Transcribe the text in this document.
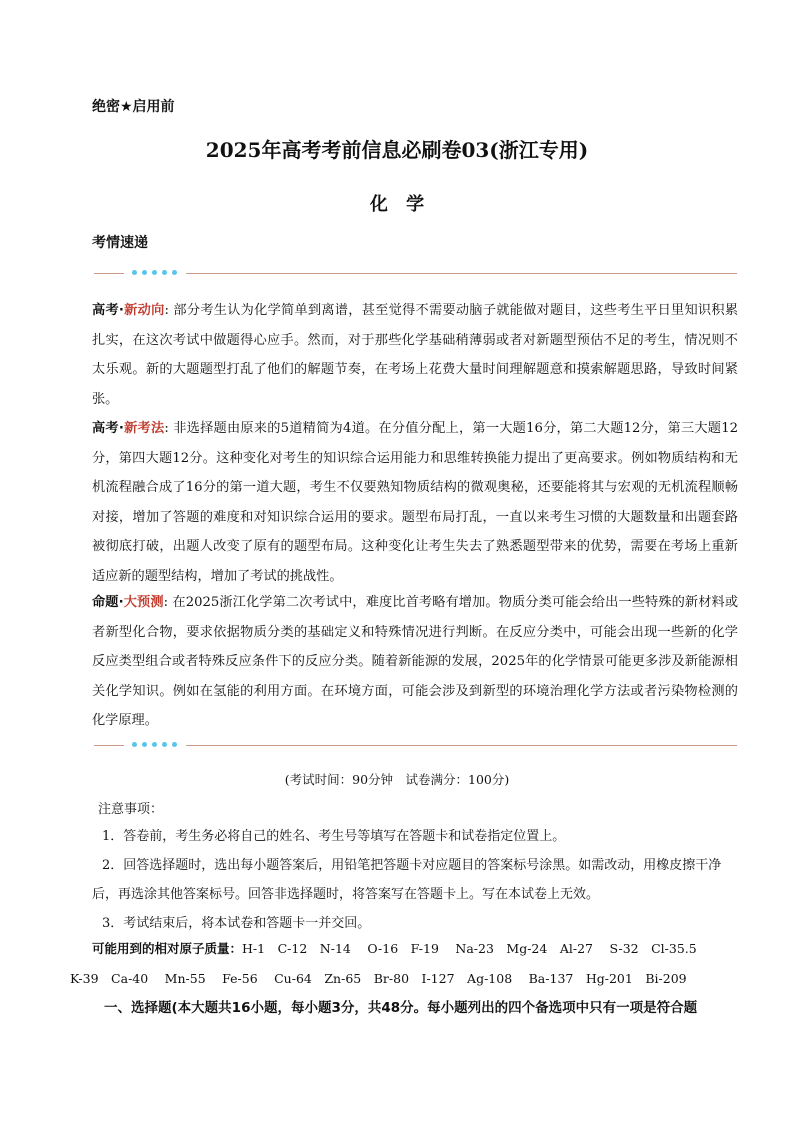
绝密★启用前
2025年高考考前信息必刷卷03(浙江专用)
化 学
考情速递
高考·新动向: 部分考生认为化学简单到离谱，甚至觉得不需要动脑子就能做对题目，这些考生平日里知识积累扎实，在这次考试中做题得心应手。然而，对于那些化学基础稍薄弱或者对新题型预估不足的考生，情况则不太乐观。新的大题题型打乱了他们的解题节奏，在考场上花费大量时间理解题意和摸索解题思路，导致时间紧张。
高考·新考法: 非选择题由原来的5道精简为4道。在分值分配上，第一大题16分，第二大题12分，第三大题12分，第四大题12分。这种变化对考生的知识综合运用能力和思维转换能力提出了更高要求。例如物质结构和无机流程融合成了16分的第一道大题，考生不仅要熟知物质结构的微观奥秘，还要能将其与宏观的无机流程顺畅对接，增加了答题的难度和对知识综合运用的要求。题型布局打乱，一直以来考生习惯的大题数量和出题套路被彻底打破，出题人改变了原有的题型布局。这种变化让考生失去了熟悉题型带来的优势，需要在考场上重新适应新的题型结构，增加了考试的挑战性。
命题·大预测: 在2025浙江化学第二次考试中，难度比首考略有增加。物质分类可能会给出一些特殊的新材料或者新型化合物，要求依据物质分类的基础定义和特殊情况进行判断。在反应分类中，可能会出现一些新的化学反应类型组合或者特殊反应条件下的反应分类。随着新能源的发展，2025年的化学情景可能更多涉及新能源相关化学知识。例如在氢能的利用方面。在环境方面，可能会涉及到新型的环境治理化学方法或者污染物检测的化学原理。
(考试时间：90分钟　试卷满分：100分)
注意事项：
1．答卷前，考生务必将自己的姓名、考生号等填写在答题卡和试卷指定位置上。
2．回答选择题时，选出每小题答案后，用铅笔把答题卡对应题目的答案标号涂黑。如需改动，用橡皮擦干净后，再选涂其他答案标号。回答非选择题时，将答案写在答题卡上。写在本试卷上无效。
3．考试结束后，将本试卷和答题卡一并交回。
可能用到的相对原子质量：H-1　C-12　N-14　 O-16　F-19　 Na-23　Mg-24　Al-27　 S-32　Cl-35.5
K-39　Ca-40　 Mn-55　 Fe-56　 Cu-64　Zn-65　Br-80　I-127　Ag-108　 Ba-137　Hg-201　Bi-209
一、选择题(本大题共16小题，每小题3分，共48分。每小题列出的四个备选项中只有一项是符合题
